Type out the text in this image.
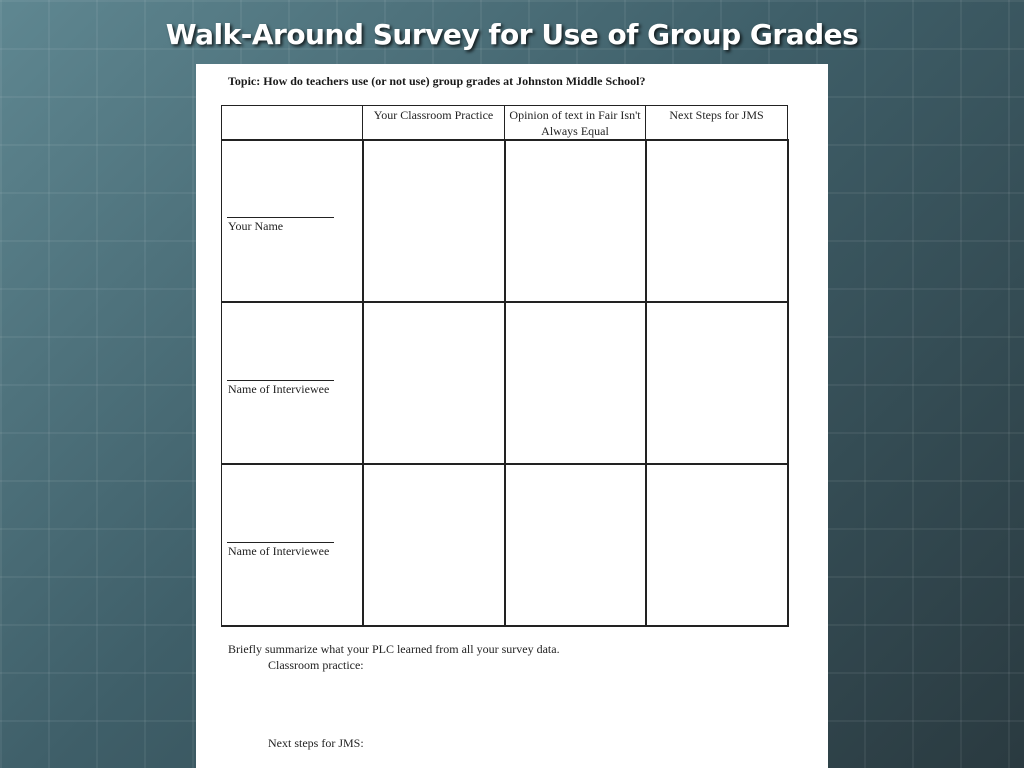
Walk-Around Survey for Use of Group Grades
Topic: How do teachers use (or not use) group grades at Johnston Middle School?

	Your Classroom Practice	Opinion of text in Fair Isn't Always Equal	Next Steps for JMS

Your Name			

Name of Interviewee			

Name of Interviewee			

Briefly summarize what your PLC learned from all your survey data.
Classroom practice:
Next steps for JMS:
